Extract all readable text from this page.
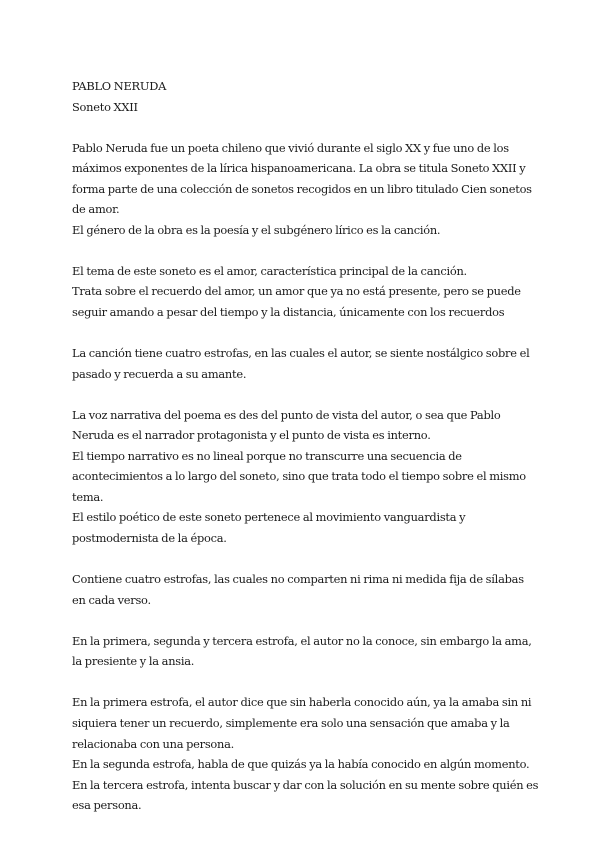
PABLO NERUDA
Soneto XXII
Pablo Neruda fue un poeta chileno que vivió durante el siglo XX y fue uno de los
máximos exponentes de la lírica hispanoamericana. La obra se titula Soneto XXII y
forma parte de una colección de sonetos recogidos en un libro titulado Cien sonetos
de amor.
El género de la obra es la poesía y el subgénero lírico es la canción.
El tema de este soneto es el amor, característica principal de la canción.
Trata sobre el recuerdo del amor, un amor que ya no está presente, pero se puede
seguir amando a pesar del tiempo y la distancia, únicamente con los recuerdos
La canción tiene cuatro estrofas, en las cuales el autor, se siente nostálgico sobre el
pasado y recuerda a su amante.
La voz narrativa del poema es des del punto de vista del autor, o sea que Pablo
Neruda es el narrador protagonista y el punto de vista es interno.
El tiempo narrativo es no lineal porque no transcurre una secuencia de
acontecimientos a lo largo del soneto, sino que trata todo el tiempo sobre el mismo
tema.
El estilo poético de este soneto pertenece al movimiento vanguardista y
postmodernista de la época.
Contiene cuatro estrofas, las cuales no comparten ni rima ni medida fija de sílabas
en cada verso.
En la primera, segunda y tercera estrofa, el autor no la conoce, sin embargo la ama,
la presiente y la ansia.
En la primera estrofa, el autor dice que sin haberla conocido aún, ya la amaba sin ni
siquiera tener un recuerdo, simplemente era solo una sensación que amaba y la
relacionaba con una persona.
En la segunda estrofa, habla de que quizás ya la había conocido en algún momento.
En la tercera estrofa, intenta buscar y dar con la solución en su mente sobre quién es
esa persona.
